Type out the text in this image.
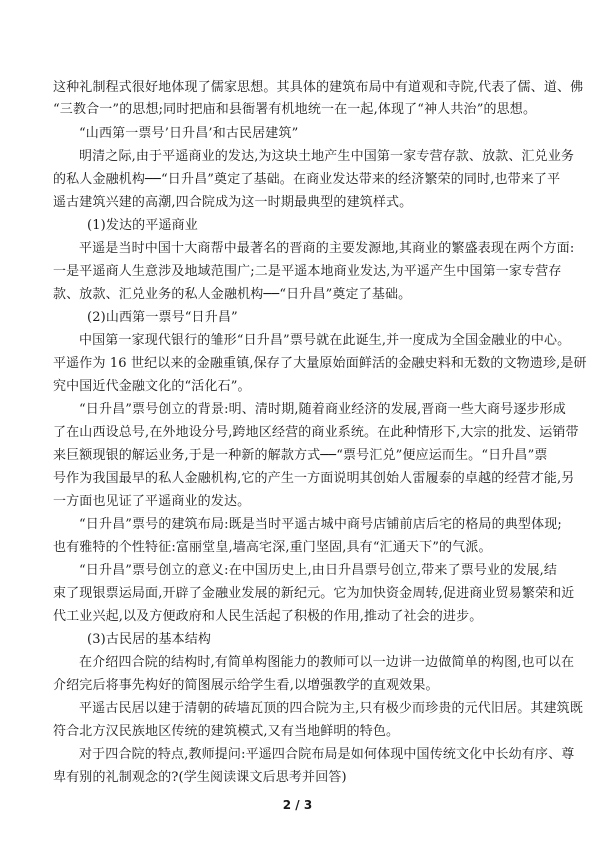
这种礼制程式很好地体现了儒家思想。其具体的建筑布局中有道观和寺院,代表了儒、道、佛
“三教合一”的思想;同时把庙和县衙署有机地统一在一起,体现了“神人共治”的思想。
“山西第一票号’日升昌’和古民居建筑”
明清之际,由于平遥商业的发达,为这块土地产生中国第一家专营存款、放款、汇兑业务
的私人金融机构──“日升昌”奠定了基础。在商业发达带来的经济繁荣的同时,也带来了平
遥古建筑兴建的高潮,四合院成为这一时期最典型的建筑样式。
(1)发达的平遥商业
平遥是当时中国十大商帮中最著名的晋商的主要发源地,其商业的繁盛表现在两个方面:
一是平遥商人生意涉及地域范围广;二是平遥本地商业发达,为平遥产生中国第一家专营存
款、放款、汇兑业务的私人金融机构──“日升昌”奠定了基础。
(2)山西第一票号“日升昌”
中国第一家现代银行的雏形“日升昌”票号就在此诞生,并一度成为全国金融业的中心。
平遥作为 16 世纪以来的金融重镇,保存了大量原始面鲜活的金融史料和无数的文物遗珍,是研
究中国近代金融文化的“活化石”。
“日升昌”票号创立的背景:明、清时期,随着商业经济的发展,晋商一些大商号逐步形成
了在山西设总号,在外地设分号,跨地区经营的商业系统。在此种情形下,大宗的批发、运销带
来巨额现银的解运业务,于是一种新的解款方式──“票号汇兑”便应运而生。“日升昌”票
号作为我国最早的私人金融机构,它的产生一方面说明其创始人雷履泰的卓越的经营才能,另
一方面也见证了平遥商业的发达。
“日升昌”票号的建筑布局:既是当时平遥古城中商号店铺前店后宅的格局的典型体现;
也有雅特的个性特征:富丽堂皇,墙高宅深,重门坚固,具有“汇通天下”的气派。
“日升昌”票号创立的意义:在中国历史上,由日升昌票号创立,带来了票号业的发展,结
束了现银票运局面,开辟了金融业发展的新纪元。它为加快资金周转,促进商业贸易繁荣和近
代工业兴起,以及方便政府和人民生活起了积极的作用,推动了社会的进步。
(3)古民居的基本结构
在介绍四合院的结构时,有简单构图能力的教师可以一边讲一边做简单的构图,也可以在
介绍完后将事先构好的简图展示给学生看,以增强教学的直观效果。
平遥古民居以建于清朝的砖墙瓦顶的四合院为主,只有极少而珍贵的元代旧居。其建筑既
符合北方汉民族地区传统的建筑模式,又有当地鲜明的特色。
对于四合院的特点,教师提问:平遥四合院布局是如何体现中国传统文化中长幼有序、尊
卑有别的礼制观念的?(学生阅读课文后思考并回答)
2 / 3
